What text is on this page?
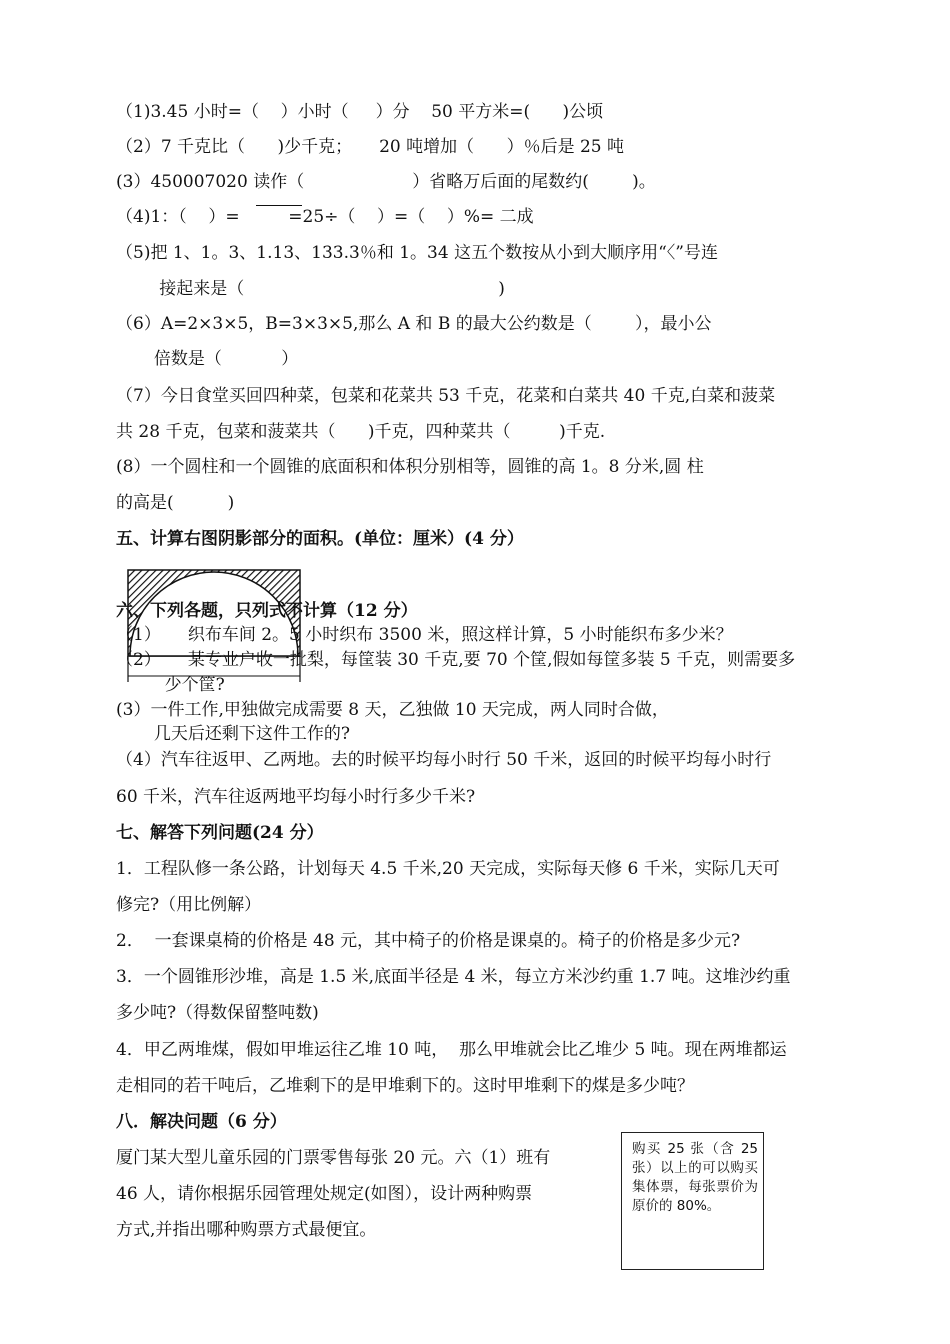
（1)3.45 小时=（    ）小时（     ）分    50 平方米=(      )公顷
（2）7 千克比（      )少千克；     20 吨增加（      ）％后是 25 吨
(3）450007020 读作（                    ）省略万后面的尾数约(        )。
（4)1：（    ）=         =25÷（    ）=（    ）%= 二成
（5)把 1、1。3、1.13、133.3％和 1。34 这五个数按从小到大顺序用“〈”号连
接起来是（                                               )
（6）A=2×3×5，B=3×3×5,那么 A 和 B 的最大公约数是（        ），最小公
倍数是（           ）
（7）今日食堂买回四种菜，包菜和花菜共 53 千克，花菜和白菜共 40 千克,白菜和菠菜
共 28 千克，包菜和菠菜共（      )千克，四种菜共（         )千克.
(8）一个圆柱和一个圆锥的底面积和体积分别相等，圆锥的高 1。8 分米,圆 柱
的高是(          )
五、计算右图阴影部分的面积。(单位：厘米）(4 分）
六、下列各题，只列式不计算（12 分）
（1）     织布车间 2。5 小时织布 3500 米，照这样计算，5 小时能织布多少米？
（2）     某专业户收一批梨，每筐装 30 千克,要 70 个筐,假如每筐多装 5 千克，则需要多
少个筐?
(3）一件工作,甲独做完成需要 8 天，乙独做 10 天完成，两人同时合做，
几天后还剩下这件工作的?
（4）汽车往返甲、乙两地。去的时候平均每小时行 50 千米，返回的时候平均每小时行
60 千米，汽车往返两地平均每小时行多少千米?
七、解答下列问题(24 分）
1．工程队修一条公路，计划每天 4.5 千米,20 天完成，实际每天修 6 千米，实际几天可
修完?（用比例解）
2．  一套课桌椅的价格是 48 元，其中椅子的价格是课桌的。椅子的价格是多少元?
3．一个圆锥形沙堆，高是 1.5 米,底面半径是 4 米，每立方米沙约重 1.7 吨。这堆沙约重
多少吨?（得数保留整吨数)
4．甲乙两堆煤，假如甲堆运往乙堆 10 吨，  那么甲堆就会比乙堆少 5 吨。现在两堆都运
走相同的若干吨后，乙堆剩下的是甲堆剩下的。这时甲堆剩下的煤是多少吨？
八．解决问题（6 分）
厦门某大型儿童乐园的门票零售每张 20 元。六（1）班有
46 人，请你根据乐园管理处规定(如图），设计两种购票
方式,并指出哪种购票方式最便宜。
购买 25 张（含 25 张）以上的可以购买集体票，每张票价为原价的 80%。
